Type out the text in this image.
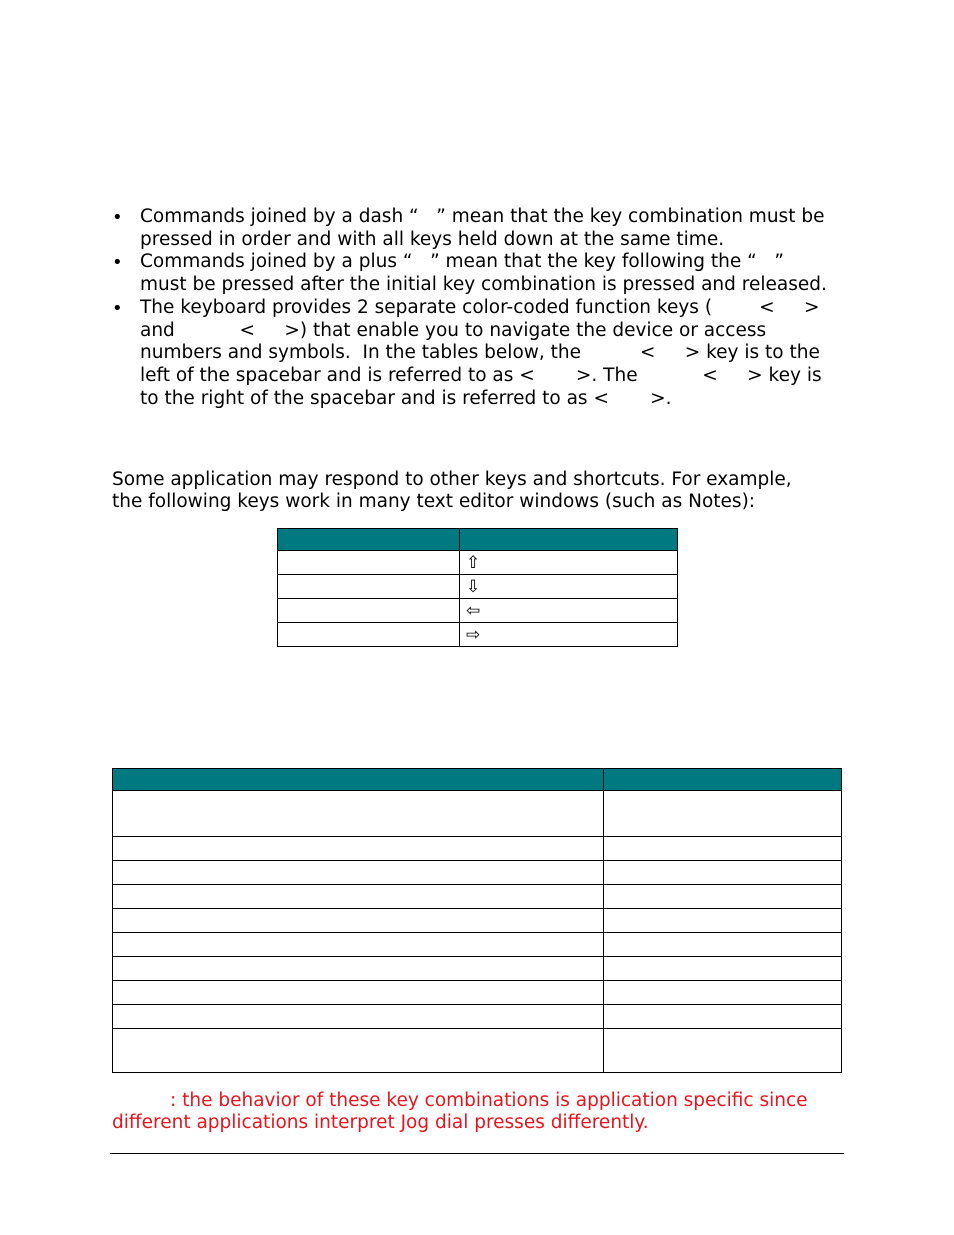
• Commands joined by a dash “   ” mean that the key combination must be
pressed in order and with all keys held down at the same time.
• Commands joined by a plus “   ” mean that the key following the “   ”
must be pressed after the initial key combination is pressed and released.
• The keyboard provides 2 separate color-coded function keys (        <     >
and           <     >) that enable you to navigate the device or access
numbers and symbols.  In the tables below, the          <     > key is to the
left of the spacebar and is referred to as <       >. The           <     > key is
to the right of the spacebar and is referred to as <       >.
Some application may respond to other keys and shortcuts. For example,
the following keys work in many text editor windows (such as Notes):

	⇧
	⇩
	⇦
	⇨

: the behavior of these key combinations is application specific since
different applications interpret Jog dial presses differently.
